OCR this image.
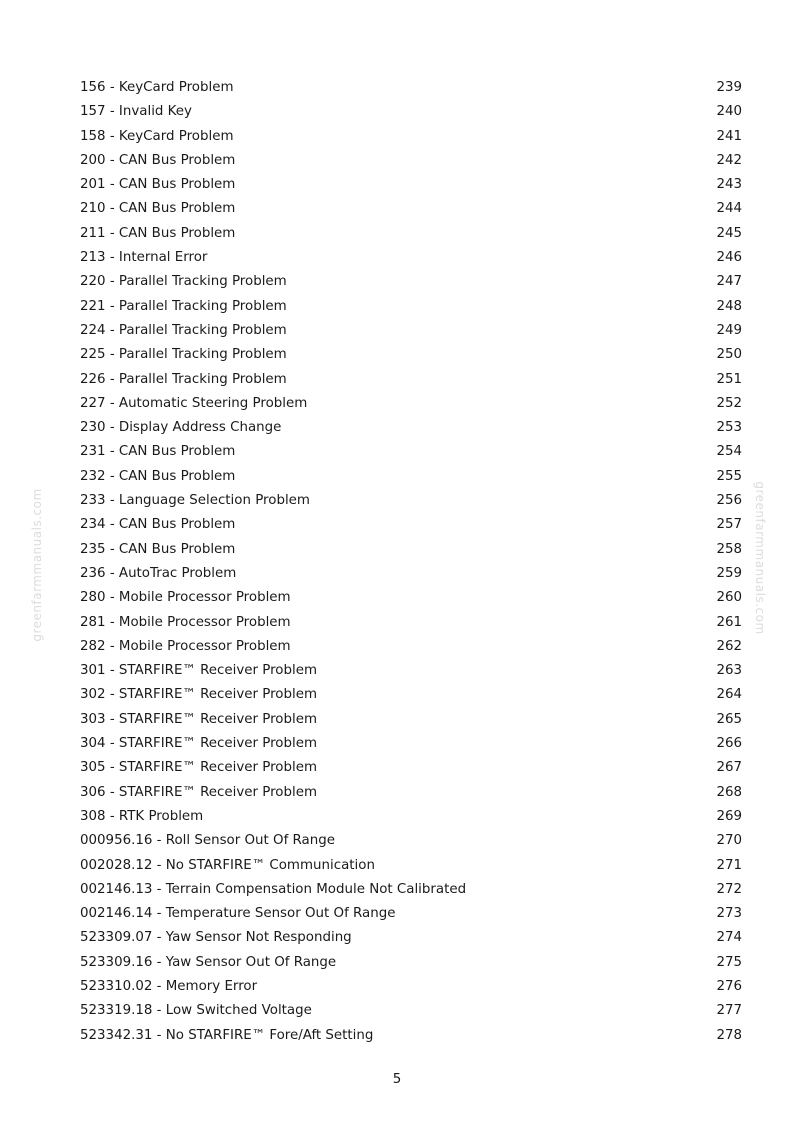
greenfarmmanuals.com	greenfarmmanuals.com
156 - KeyCard Problem	239
157 - Invalid Key	240
158 - KeyCard Problem	241
200 - CAN Bus Problem	242
201 - CAN Bus Problem	243
210 - CAN Bus Problem	244
211 - CAN Bus Problem	245
213 - Internal Error	246
220 - Parallel Tracking Problem	247
221 - Parallel Tracking Problem	248
224 - Parallel Tracking Problem	249
225 - Parallel Tracking Problem	250
226 - Parallel Tracking Problem	251
227 - Automatic Steering Problem	252
230 - Display Address Change	253
231 - CAN Bus Problem	254
232 - CAN Bus Problem	255
233 - Language Selection Problem	256
234 - CAN Bus Problem	257
235 - CAN Bus Problem	258
236 - AutoTrac Problem	259
280 - Mobile Processor Problem	260
281 - Mobile Processor Problem	261
282 - Mobile Processor Problem	262
301 - STARFIRE™ Receiver Problem	263
302 - STARFIRE™ Receiver Problem	264
303 - STARFIRE™ Receiver Problem	265
304 - STARFIRE™ Receiver Problem	266
305 - STARFIRE™ Receiver Problem	267
306 - STARFIRE™ Receiver Problem	268
308 - RTK Problem	269
000956.16 - Roll Sensor Out Of Range	270
002028.12 - No STARFIRE™ Communication	271
002146.13 - Terrain Compensation Module Not Calibrated	272
002146.14 - Temperature Sensor Out Of Range	273
523309.07 - Yaw Sensor Not Responding	274
523309.16 - Yaw Sensor Out Of Range	275
523310.02 - Memory Error	276
523319.18 - Low Switched Voltage	277
523342.31 - No STARFIRE™ Fore/Aft Setting	278
5
